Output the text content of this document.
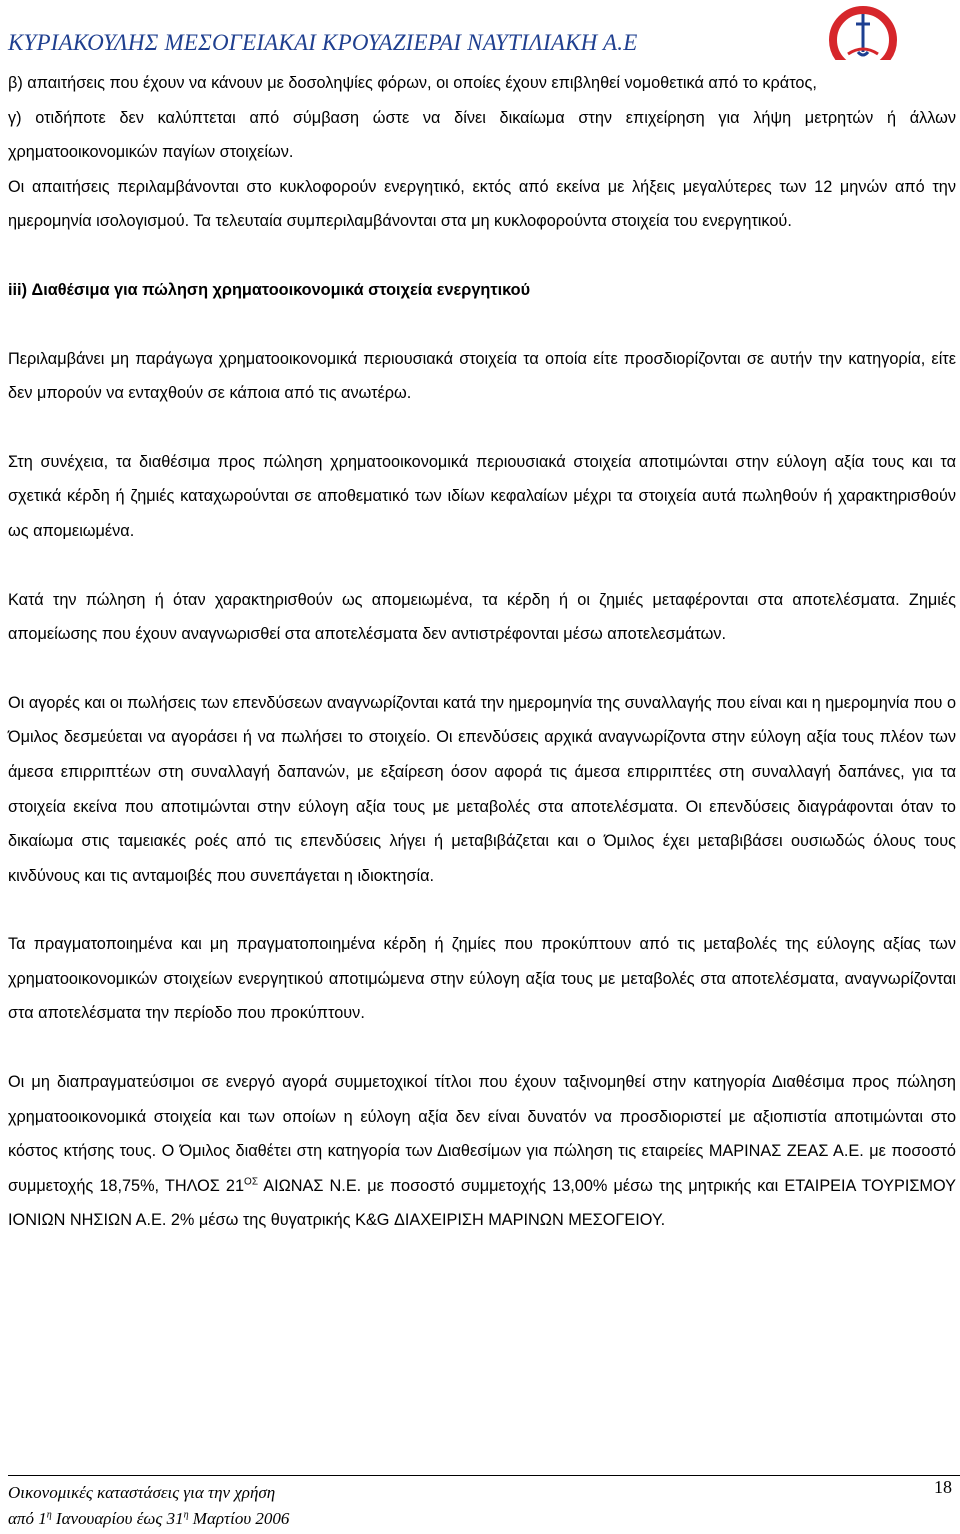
ΚΥΡΙΑΚΟΥΛΗΣ ΜΕΣΟΓΕΙΑΚΑΙ ΚΡΟΥΑΖΙΕΡΑΙ ΝΑΥΤΙΛΙΑΚΗ Α.Ε

β) απαιτήσεις που έχουν να κάνουν με δοσοληψίες φόρων, οι οποίες έχουν επιβληθεί νομοθετικά από το κράτος,

γ) οτιδήποτε δεν καλύπτεται από σύμβαση ώστε να δίνει δικαίωμα στην επιχείρηση για λήψη μετρητών ή άλλων χρηματοοικονομικών παγίων στοιχείων.

Οι απαιτήσεις περιλαμβάνονται στο κυκλοφορούν ενεργητικό, εκτός από εκείνα με λήξεις μεγαλύτερες των 12 μηνών από την ημερομηνία ισολογισμού. Τα τελευταία συμπεριλαμβάνονται στα μη κυκλοφορούντα στοιχεία του ενεργητικού.

iii) Διαθέσιμα για πώληση χρηματοοικονομικά στοιχεία ενεργητικού

Περιλαμβάνει μη παράγωγα χρηματοοικονομικά περιουσιακά στοιχεία τα οποία είτε προσδιορίζονται σε αυτήν την κατηγορία, είτε δεν μπορούν να ενταχθούν σε κάποια από τις ανωτέρω.

Στη συνέχεια, τα διαθέσιμα προς πώληση χρηματοοικονομικά περιουσιακά στοιχεία αποτιμώνται στην εύλογη αξία τους και τα σχετικά κέρδη ή ζημιές καταχωρούνται σε αποθεματικό των ιδίων κεφαλαίων μέχρι τα στοιχεία αυτά πωληθούν ή χαρακτηρισθούν ως απομειωμένα.

Κατά την πώληση ή όταν χαρακτηρισθούν ως απομειωμένα, τα κέρδη ή οι ζημιές μεταφέρονται στα αποτελέσματα. Ζημιές απομείωσης που έχουν αναγνωρισθεί στα αποτελέσματα δεν αντιστρέφονται μέσω αποτελεσμάτων.

Οι αγορές και οι πωλήσεις των επενδύσεων αναγνωρίζονται κατά την ημερομηνία της συναλλαγής που είναι και η ημερομηνία που ο Όμιλος δεσμεύεται να αγοράσει ή να πωλήσει το στοιχείο. Οι επενδύσεις αρχικά αναγνωρίζοντα στην εύλογη αξία τους πλέον των άμεσα επιρριπτέων στη συναλλαγή δαπανών, με εξαίρεση όσον αφορά τις άμεσα επιρριπτέες στη συναλλαγή δαπάνες, για τα στοιχεία εκείνα που αποτιμώνται στην εύλογη αξία τους με μεταβολές στα αποτελέσματα. Οι επενδύσεις διαγράφονται όταν το δικαίωμα στις ταμειακές ροές από τις επενδύσεις λήγει ή μεταβιβάζεται και ο Όμιλος έχει μεταβιβάσει ουσιωδώς όλους τους κινδύνους και τις ανταμοιβές που συνεπάγεται η ιδιοκτησία.

Τα πραγματοποιημένα και μη πραγματοποιημένα κέρδη ή ζημίες που προκύπτουν από τις μεταβολές της εύλογης αξίας των χρηματοοικονομικών στοιχείων ενεργητικού αποτιμώμενα στην εύλογη αξία τους με μεταβολές στα αποτελέσματα, αναγνωρίζονται στα αποτελέσματα την περίοδο που προκύπτουν.

Οι μη διαπραγματεύσιμοι σε ενεργό αγορά συμμετοχικοί τίτλοι που έχουν ταξινομηθεί στην κατηγορία Διαθέσιμα προς πώληση χρηματοοικονομικά στοιχεία και των οποίων η εύλογη αξία δεν είναι δυνατόν να προσδιοριστεί με αξιοπιστία αποτιμώνται στο κόστος κτήσης τους. Ο Όμιλος διαθέτει στη κατηγορία των Διαθεσίμων για πώληση τις εταιρείες ΜΑΡΙΝΑΣ ΖΕΑΣ Α.Ε. με ποσοστό συμμετοχής 18,75%, ΤΗΛΟΣ $21^{O\Sigma}$ ΑΙΩΝΑΣ Ν.Ε. με ποσοστό συμμετοχής 13,00% μέσω της μητρικής και ΕΤΑΙΡΕΙΑ ΤΟΥΡΙΣΜΟΥ ΙΟΝΙΩΝ ΝΗΣΙΩΝ Α.Ε. 2% μέσω της θυγατρικής K&G ΔΙΑΧΕΙΡΙΣΗ ΜΑΡΙΝΩΝ ΜΕΣΟΓΕΙΟΥ.

Οικονομικές καταστάσεις για την χρήση
από $1^\eta$ Ιανουαρίου έως $31^\eta$ Μαρτίου 2006
18
